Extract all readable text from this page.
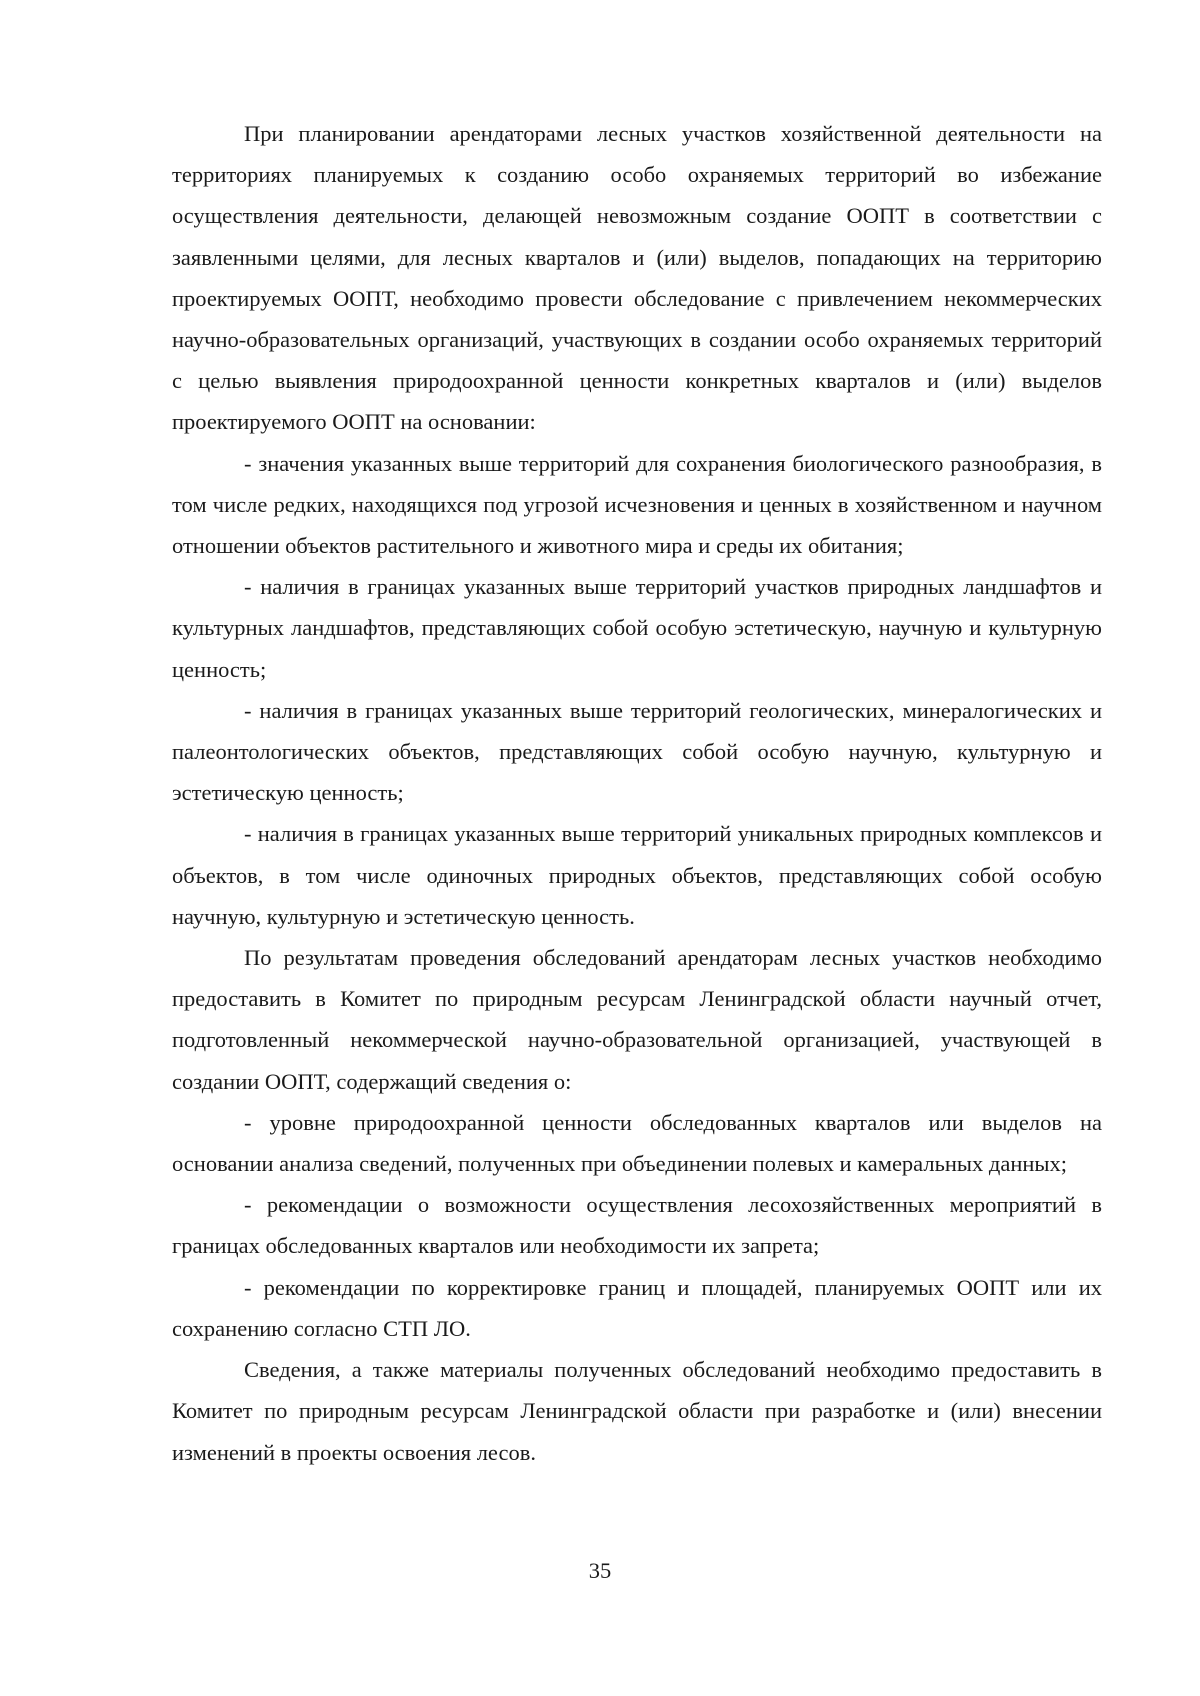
При планировании арендаторами лесных участков хозяйственной деятельности на территориях планируемых к созданию особо охраняемых территорий во избежание осуществления деятельности, делающей невозможным создание ООПТ в соответствии с заявленными целями, для лесных кварталов и (или) выделов, попадающих на территорию проектируемых ООПТ, необходимо провести обследование с привлечением некоммерческих научно-образовательных организаций, участвующих в создании особо охраняемых территорий с целью выявления природоохранной ценности конкретных кварталов и (или) выделов проектируемого ООПТ на основании:

- значения указанных выше территорий для сохранения биологического разнообразия, в том числе редких, находящихся под угрозой исчезновения и ценных в хозяйственном и научном отношении объектов растительного и животного мира и среды их обитания;

- наличия в границах указанных выше территорий участков природных ландшафтов и культурных ландшафтов, представляющих собой особую эстетическую, научную и культурную ценность;

- наличия в границах указанных выше территорий геологических, минералогических и палеонтологических объектов, представляющих собой особую научную, культурную и эстетическую ценность;

- наличия в границах указанных выше территорий уникальных природных комплексов и объектов, в том числе одиночных природных объектов, представляющих собой особую научную, культурную и эстетическую ценность.

По результатам проведения обследований арендаторам лесных участков необходимо предоставить в Комитет по природным ресурсам Ленинградской области научный отчет, подготовленный некоммерческой научно-образовательной организацией, участвующей в создании ООПТ, содержащий сведения о:

- уровне природоохранной ценности обследованных кварталов или выделов на основании анализа сведений, полученных при объединении полевых и камеральных данных;

- рекомендации о возможности осуществления лесохозяйственных мероприятий в границах обследованных кварталов или необходимости их запрета;

- рекомендации по корректировке границ и площадей, планируемых ООПТ или их сохранению согласно СТП ЛО.

Сведения, а также материалы полученных обследований необходимо предоставить в Комитет по природным ресурсам Ленинградской области при разработке и (или) внесении изменений в проекты освоения лесов.

35
